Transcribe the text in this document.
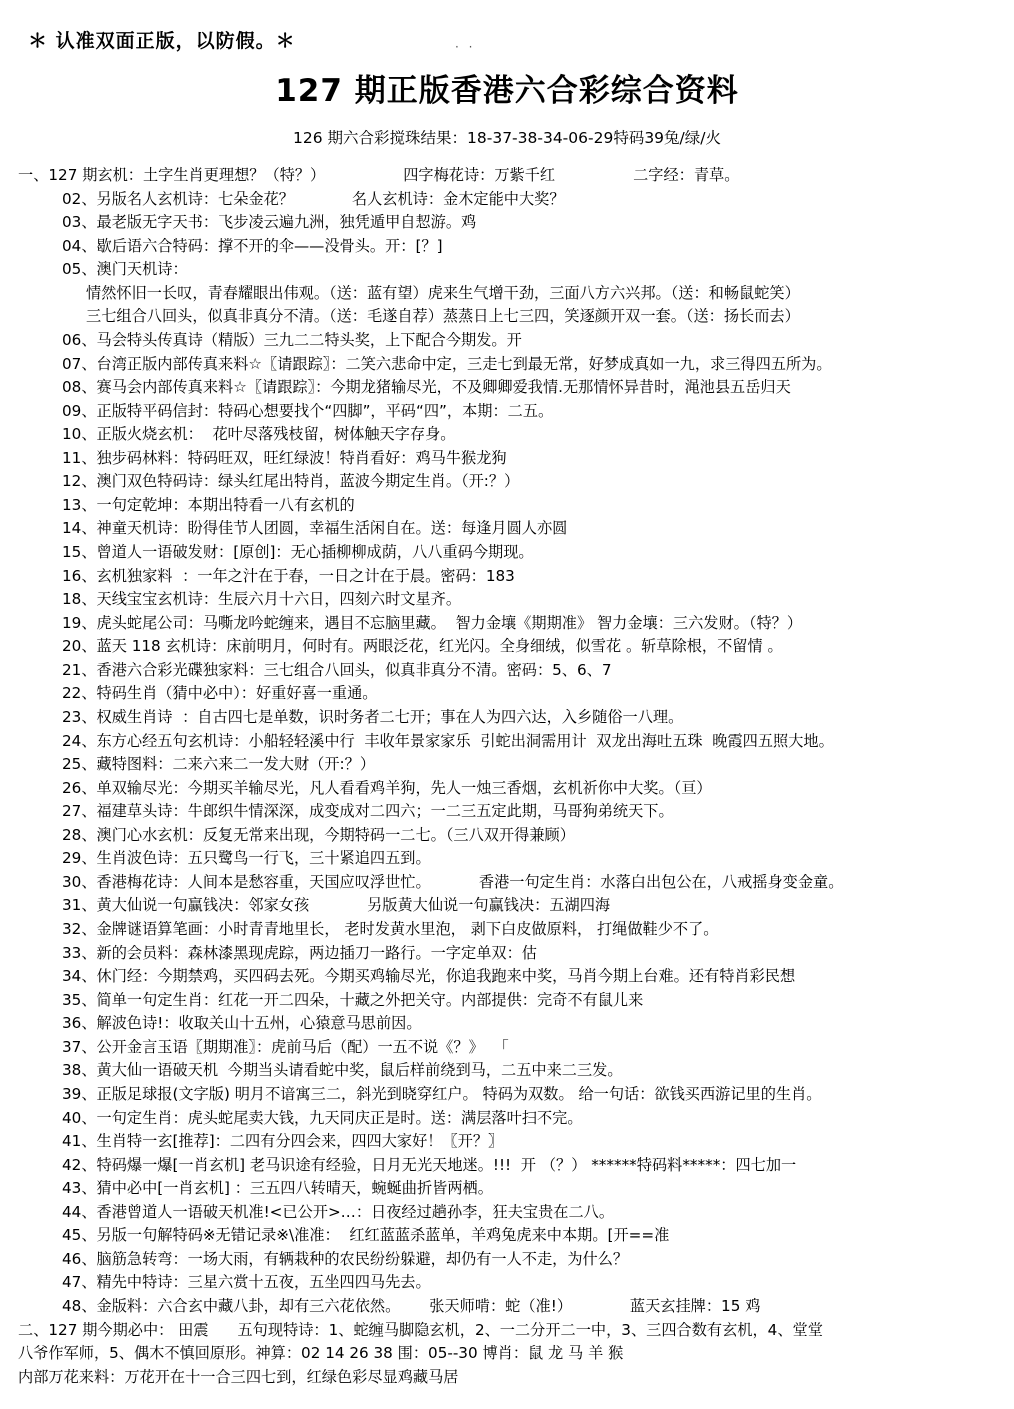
＊ 认准双面正版，以防假。＊	· ·
127 期正版香港六合彩综合资料
126 期六合彩搅珠结果：18-37-38-34-06-29特码39兔/绿/火
一、127 期玄机：土字生肖更理想？（特？）	四字梅花诗：万紫千红	二字经：青草。
02、另版名人玄机诗：七朵金花？            名人玄机诗：金木定能中大奖？
03、最老版无字天书：飞步凌云遍九洲，独凭遁甲自恝游。鸡
04、歇后语六合特码：撑不开的伞——没骨头。开：[？]
05、澳门天机诗：
情然怀旧一长叹，青春耀眼出伟观。（送：蓝有望）虎来生气增干劲，三面八方六兴邦。（送：和畅鼠蛇笑）
三七组合八回头，似真非真分不清。（送：毛遂自荐）蒸蒸日上七三四，笑逐颜开双一套。（送：扬长而去）
06、马会特头传真诗（精版）三九二二特头奖，上下配合今期发。开
07、台湾正版内部传真来料☆〖请跟踪〗：二笑六悲命中定，三走七到最无常，好梦成真如一九，求三得四五所为。
08、赛马会内部传真来料☆〖请跟踪〗：今期龙猪输尽光，不及卿卿爱我情.无那情怀异昔时，渑池县五岳归天
09、正版特平码信封：特码心想要找个“四脚”，平码“四”，本期：二五。
10、正版火烧玄机：  花叶尽落残枝留，树体触天字存身。
11、独步码林料：特码旺双，旺红绿波！特肖看好：鸡马牛猴龙狗
12、澳门双色特码诗：绿头红尾出特肖，蓝波今期定生肖。（开:？）
13、一句定乾坤：本期出特看一八有玄机的
14、神童天机诗：盼得佳节人团圆，幸福生活闲自在。送：每逢月圆人亦圆
15、曾道人一语破发财：[原创]：无心插柳柳成荫，八八重码今期现。
16、玄机独家料  ：一年之汁在于春，一日之计在于晨。密码：183
18、天线宝宝玄机诗：生辰六月十六日，四刻六时文星齐。
19、虎头蛇尾公司：马嘶龙吟蛇缠来，遇目不忘脑里藏。  智力金壤《期期准》 智力金壤：三六发财。（特？）
20、蓝天 118 玄机诗：床前明月，何时有。两眼泛花，红光闪。全身细绒，似雪花 。斩草除根，不留情 。
21、香港六合彩光碟独家料：三七组合八回头，似真非真分不清。密码：5、6、7
22、特码生肖（猜中必中）：好重好喜一重通。
23、权威生肖诗  ：自古四七是单数，识时务者二七开；事在人为四六达，入乡随俗一八理。
24、东方心经五句玄机诗：小船轻轻溪中行  丰收年景家家乐  引蛇出洞需用计  双龙出海吐五珠  晚霞四五照大地。
25、藏特图料：二来六来二一发大财（开:？）
26、单双输尽光：今期买羊输尽光，凡人看看鸡羊狗，先人一烛三香烟，玄机祈你中大奖。（亘）
27、福建草头诗：牛郎织牛情深深，成变成对二四六；一二三五定此期，马哥狗弟统天下。
28、澳门心水玄机：反复无常来出现，今期特码一二七。（三八双开得兼顾）
29、生肖波色诗：五只鹭鸟一行飞，三十紧追四五到。
30、香港梅花诗：人间本是愁容重，天国应叹浮世忙。          香港一句定生肖：水落白出包公在，八戒摇身变金童。
31、黄大仙说一句赢钱决：邻家女孩            另版黄大仙说一句赢钱决：五湖四海
32、金牌谜语算笔画：小时青青地里长， 老时发黄水里泡， 剥下白皮做原料， 打绳做鞋少不了。
33、新的会员料：森林漆黑现虎踪，两边插刀一路行。一字定单双：估
34、休门经：今期禁鸡，买四码去死。今期买鸡输尽光，你追我跑来中奖，马肖今期上台难。还有特肖彩民想
35、简单一句定生肖：红花一开二四朵，十藏之外把关守。内部提供：完奇不有鼠儿来
36、解波色诗!：收取关山十五州，心猿意马思前因。
37、公开金言玉语〖期期准〗：虎前马后（配）一五不说《？》  「
38、黄大仙一语破天机  今期当头请看蛇中奖，鼠后样前绕到马，二五中来二三发。
39、正版足球报(文字版) 明月不谙寓三二，斜光到晓穿红户。 特码为双数。 给一句话：欲钱买西游记里的生肖。
40、一句定生肖：虎头蛇尾卖大钱，九天同庆正是时。送：满层落叶扫不完。
41、生肖特一玄[推荐]：二四有分四会来，四四大家好！〖开？〗
42、特码爆一爆[一肖玄机] 老马识途有经验，日月无光天地迷。!!!  开 （？） ******特码料*****：四七加一
43、猜中必中[一肖玄机] ：三五四八转晴天，蜿蜒曲折皆两栖。
44、香港曾道人一语破天机准!<已公开>…：日夜经过趟孙李，狂夫宝贵在二八。
45、另版一句解特码※无错记录※\准准：  红红蓝蓝杀蓝单，羊鸡兔虎来中本期。[开==准
46、脑筋急转弯：一场大雨，有辆栽种的农民纷纷躲避，却仍有一人不走，为什么？
47、精先中特诗：三星六赏十五夜，五坐四四马先去。
48、金版料：六合玄中藏八卦，却有三六花依然。      张天师啃：蛇（准!）            蓝天玄挂牌：15 鸡
二、127 期今期必中： 田震      五句现特诗：1、蛇缠马脚隐玄机，2、一二分开二一中，3、三四合数有玄机，4、堂堂
八爷作军师，5、偶木不慎回原形。神算：02 14 26 38 围：05--30 博肖：鼠 龙 马 羊 猴
内部万花来料：万花开在十一合三四七到，红绿色彩尽显鸡藏马居
